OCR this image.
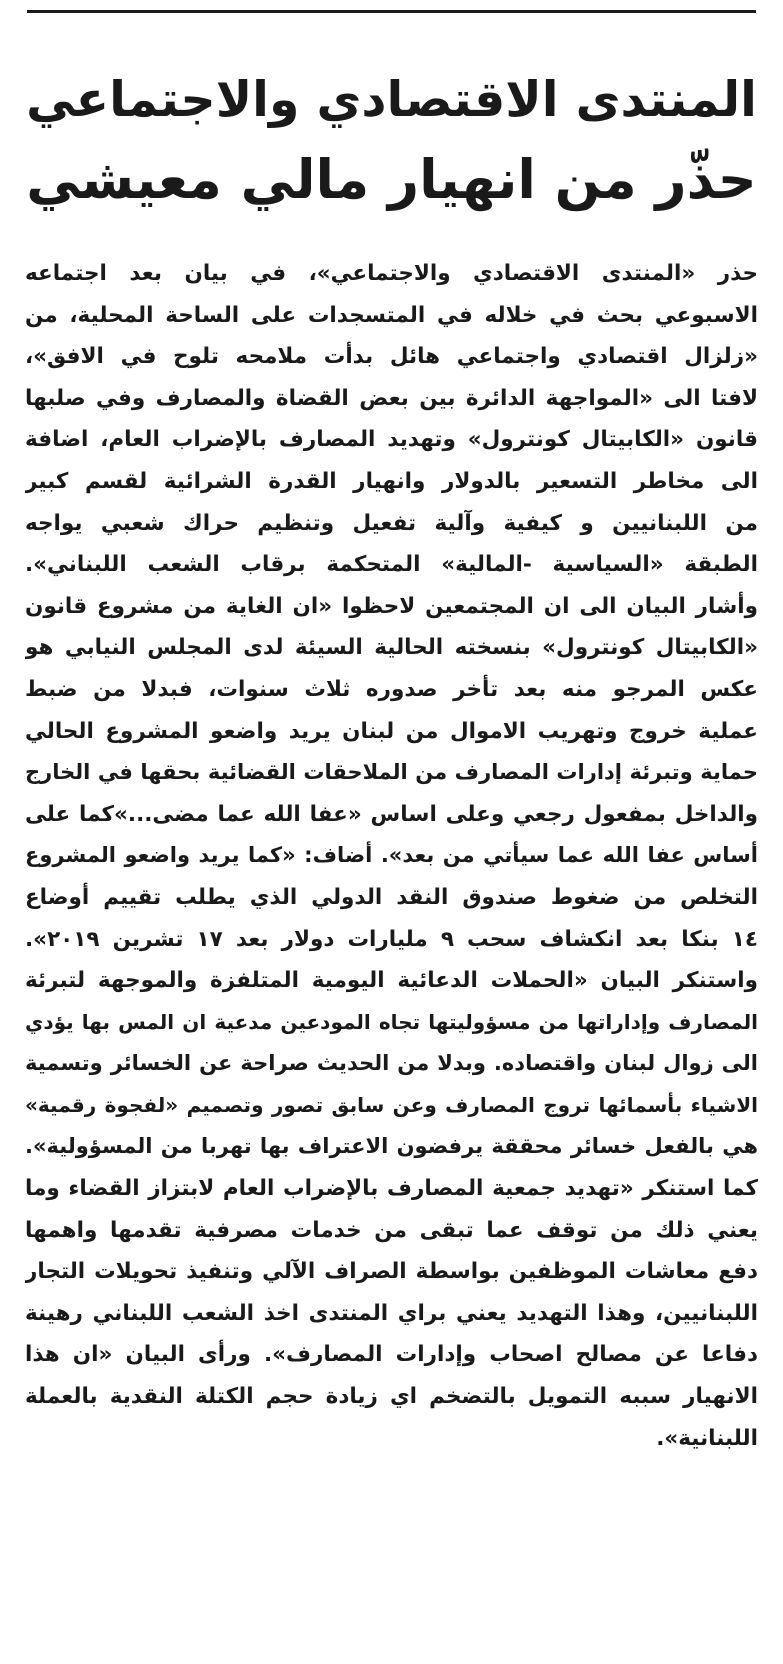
المنتدى الاقتصادي والاجتماعي
حذّر من انهيار مالي معيشي
حذر «المنتدى الاقتصادي والاجتماعي»، في بيان بعد اجتماعه
الاسبوعي بحث في خلاله في المتسجدات على الساحة المحلية، من
«زلزال اقتصادي واجتماعي هائل بدأت ملامحه تلوح في الافق»،
لافتا الى «المواجهة الدائرة بين بعض القضاة والمصارف وفي صلبها
قانون «الكابيتال كونترول» وتهديد المصارف بالإضراب العام، اضافة
الى مخاطر التسعير بالدولار وانهيار القدرة الشرائية لقسم كبير
من اللبنانيين و كيفية وآلية تفعيل وتنظيم حراك شعبي يواجه
الطبقة «السياسية -المالية» المتحكمة برقاب الشعب اللبناني».
وأشار البيان الى ان المجتمعين لاحظوا «ان الغاية من مشروع قانون
«الكابيتال كونترول» بنسخته الحالية السيئة لدى المجلس النيابي هو
عكس المرجو منه بعد تأخر صدوره ثلاث سنوات، فبدلا من ضبط
عملية خروج وتهريب الاموال من لبنان يريد واضعو المشروع الحالي
حماية وتبرئة إدارات المصارف من الملاحقات القضائية بحقها في الخارج
والداخل بمفعول رجعي وعلى اساس «عفا الله عما مضى...»كما على
أساس عفا الله عما سيأتي من بعد». أضاف: «كما يريد واضعو المشروع
التخلص من ضغوط صندوق النقد الدولي الذي يطلب تقييم أوضاع
١٤ بنكا بعد انكشاف سحب ٩ مليارات دولار بعد ١٧ تشرين ٢٠١٩».
واستنكر البيان «الحملات الدعائية اليومية المتلفزة والموجهة لتبرئة
المصارف وإداراتها من مسؤوليتها تجاه المودعين مدعية ان المس بها يؤدي
الى زوال لبنان واقتصاده. وبدلا من الحديث صراحة عن الخسائر وتسمية
الاشياء بأسمائها تروج المصارف وعن سابق تصور وتصميم «لفجوة رقمية»
هي بالفعل خسائر محققة يرفضون الاعتراف بها تهربا من المسؤولية».
كما استنكر «تهديد جمعية المصارف بالإضراب العام لابتزاز القضاء وما
يعني ذلك من توقف عما تبقى من خدمات مصرفية تقدمها واهمها
دفع معاشات الموظفين بواسطة الصراف الآلي وتنفيذ تحويلات التجار
اللبنانيين، وهذا التهديد يعني براي المنتدى اخذ الشعب اللبناني رهينة
دفاعا عن مصالح اصحاب وإدارات المصارف». ورأى البيان «ان هذا
الانهيار سببه التمويل بالتضخم اي زيادة حجم الكتلة النقدية بالعملة
اللبنانية».
